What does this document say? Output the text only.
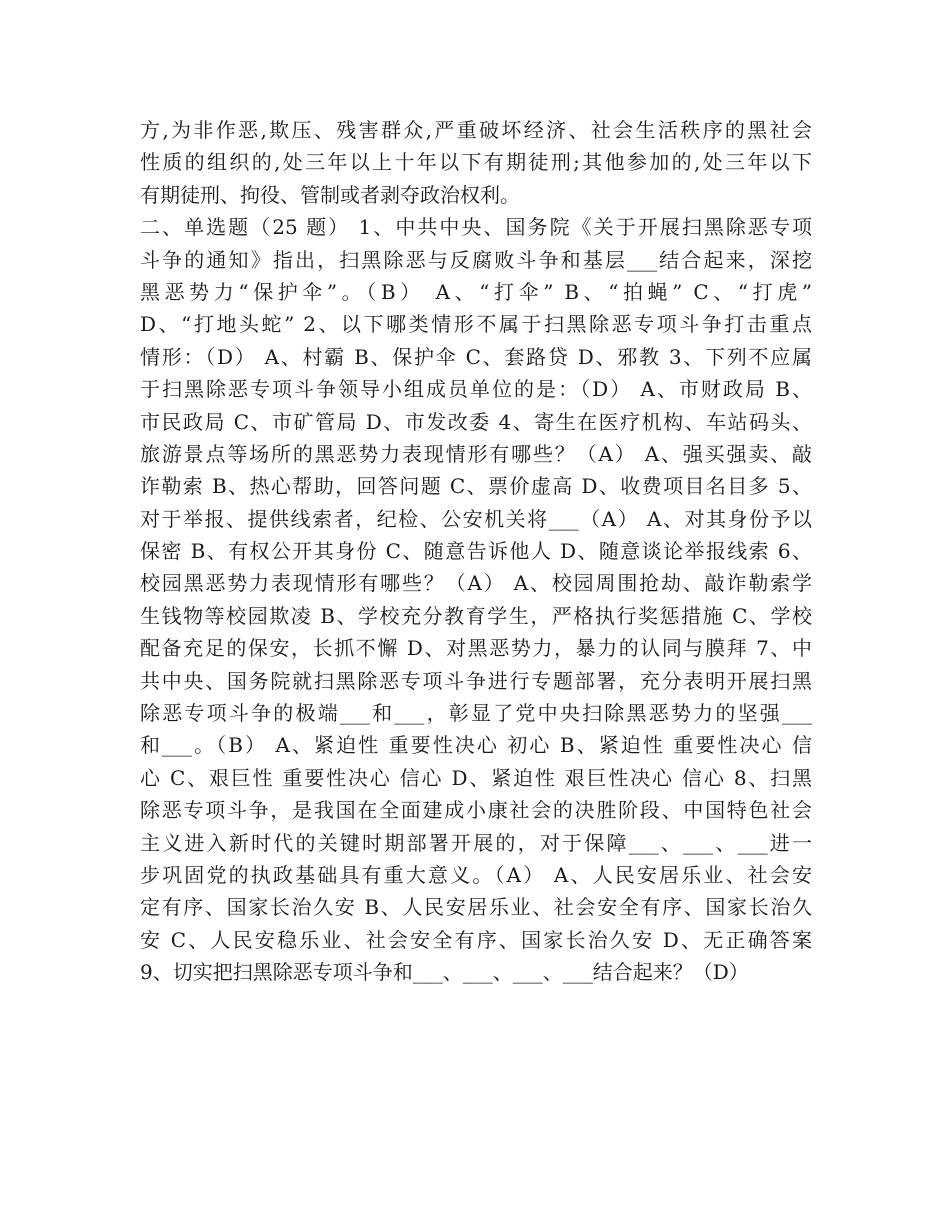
方,为非作恶,欺压、残害群众,严重破坏经济、社会生活秩序的黑社会

性质的组织的,处三年以上十年以下有期徒刑;其他参加的,处三年以下

有期徒刑、拘役、管制或者剥夺政治权利。

二、单选题（25 题） 1、中共中央、国务院《关于开展扫黑除恶专项

斗争的通知》指出，扫黑除恶与反腐败斗争和基层___结合起来，深挖

黑恶势力“保护伞”。（B） A、“打伞” B、“拍蝇” C、“打虎”

D、“打地头蛇” 2、以下哪类情形不属于扫黑除恶专项斗争打击重点

情形：（D） A、村霸 B、保护伞 C、套路贷 D、邪教 3、下列不应属

于扫黑除恶专项斗争领导小组成员单位的是：（D） A、市财政局 B、

市民政局 C、市矿管局 D、市发改委 4、寄生在医疗机构、车站码头、

旅游景点等场所的黑恶势力表现情形有哪些？（A） A、强买强卖、敲

诈勒索 B、热心帮助，回答问题 C、票价虚高 D、收费项目名目多 5、

对于举报、提供线索者，纪检、公安机关将___（A） A、对其身份予以

保密 B、有权公开其身份 C、随意告诉他人 D、随意谈论举报线索 6、

校园黑恶势力表现情形有哪些？（A） A、校园周围抢劫、敲诈勒索学

生钱物等校园欺凌 B、学校充分教育学生，严格执行奖惩措施 C、学校

配备充足的保安，长抓不懈 D、对黑恶势力，暴力的认同与膜拜 7、中

共中央、国务院就扫黑除恶专项斗争进行专题部署，充分表明开展扫黑

除恶专项斗争的极端___和___，彰显了党中央扫除黑恶势力的坚强___

和___。（B） A、紧迫性 重要性决心 初心 B、紧迫性 重要性决心 信

心 C、艰巨性 重要性决心 信心 D、紧迫性 艰巨性决心 信心 8、扫黑

除恶专项斗争，是我国在全面建成小康社会的决胜阶段、中国特色社会

主义进入新时代的关键时期部署开展的，对于保障___、___、___进一

步巩固党的执政基础具有重大意义。（A） A、人民安居乐业、社会安

定有序、国家长治久安 B、人民安居乐业、社会安全有序、国家长治久

安 C、人民安稳乐业、社会安全有序、国家长治久安 D、无正确答案

9、切实把扫黑除恶专项斗争和___、___、___、___结合起来？（D）
